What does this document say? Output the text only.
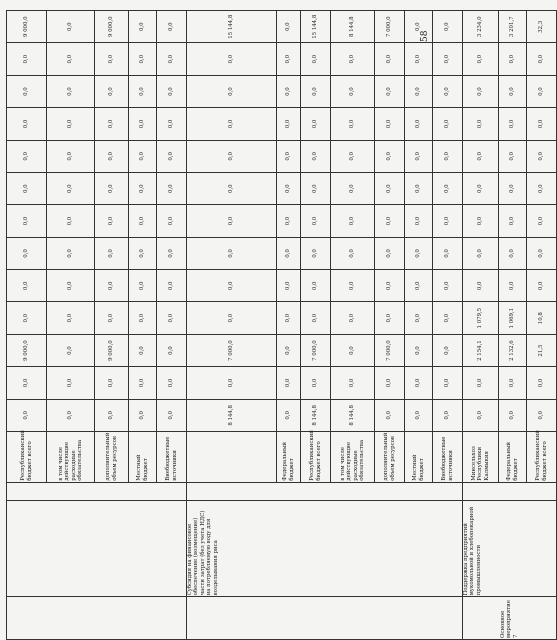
58
			Республиканский бюджет всего	0,0	0,0	9 000,0	0,0	0,0	0,0	0,0	0,0	0,0	0,0	0,0	0,0	9 000,0
			в том числе действующие расходные обязательства	0,0	0,0	0,0	0,0	0,0	0,0	0,0	0,0	0,0	0,0	0,0	0,0	0,0
			дополнительный объем ресурсов	0,0	0,0	9 000,0	0,0	0,0	0,0	0,0	0,0	0,0	0,0	0,0	0,0	9 000,0
			Местный бюджет	0,0	0,0	0,0	0,0	0,0	0,0	0,0	0,0	0,0	0,0	0,0	0,0	0,0
			Внебюджетные источники	0,0	0,0	0,0	0,0	0,0	0,0	0,0	0,0	0,0	0,0	0,0	0,0	0,0
	Субсидия на финансовое обеспечение (возмещение) части затрат (без учета НДС) на потребляемую воду для возделывания риса			8 144,8	0,0	7 000,0	0,0	0,0	0,0	0,0	0,0	0,0	0,0	0,0	0,0	15 144,8
			Федеральный бюджет	0,0	0,0	0,0	0,0	0,0	0,0	0,0	0,0	0,0	0,0	0,0	0,0	0,0
			Республиканский бюджет всего	8 144,8	0,0	7 000,0	0,0	0,0	0,0	0,0	0,0	0,0	0,0	0,0	0,0	15 144,8
			в том числе действующие расходные обязательства	8 144,8	0,0	0,0	0,0	0,0	0,0	0,0	0,0	0,0	0,0	0,0	0,0	8 144,8
			дополнительный объем ресурсов	0,0	0,0	7 000,0	0,0	0,0	0,0	0,0	0,0	0,0	0,0	0,0	0,0	7 000,0
			Местный бюджет	0,0	0,0	0,0	0,0	0,0	0,0	0,0	0,0	0,0	0,0	0,0	0,0	0,0
			Внебюджетные источники	0,0	0,0	0,0	0,0	0,0	0,0	0,0	0,0	0,0	0,0	0,0	0,0	0,0
Основное мероприятие 7	Поддержка предприятий мукомольной и хлебопекарной промышленности		Минсельхоз Республики Калмыкия	0,0	0,0	2 154,1	1 079,5	0,0	0,0	0,0	0,0	0,0	0,0	0,0	0,0	3 234,0
			Федеральный бюджет	0,0	0,0	2 132,6	1 069,1	0,0	0,0	0,0	0,0	0,0	0,0	0,0	0,0	3 201,7
			Республиканский бюджет всего	0,0	0,0	21,5	10,8	0,0	0,0	0,0	0,0	0,0	0,0	0,0	0,0	32,3
